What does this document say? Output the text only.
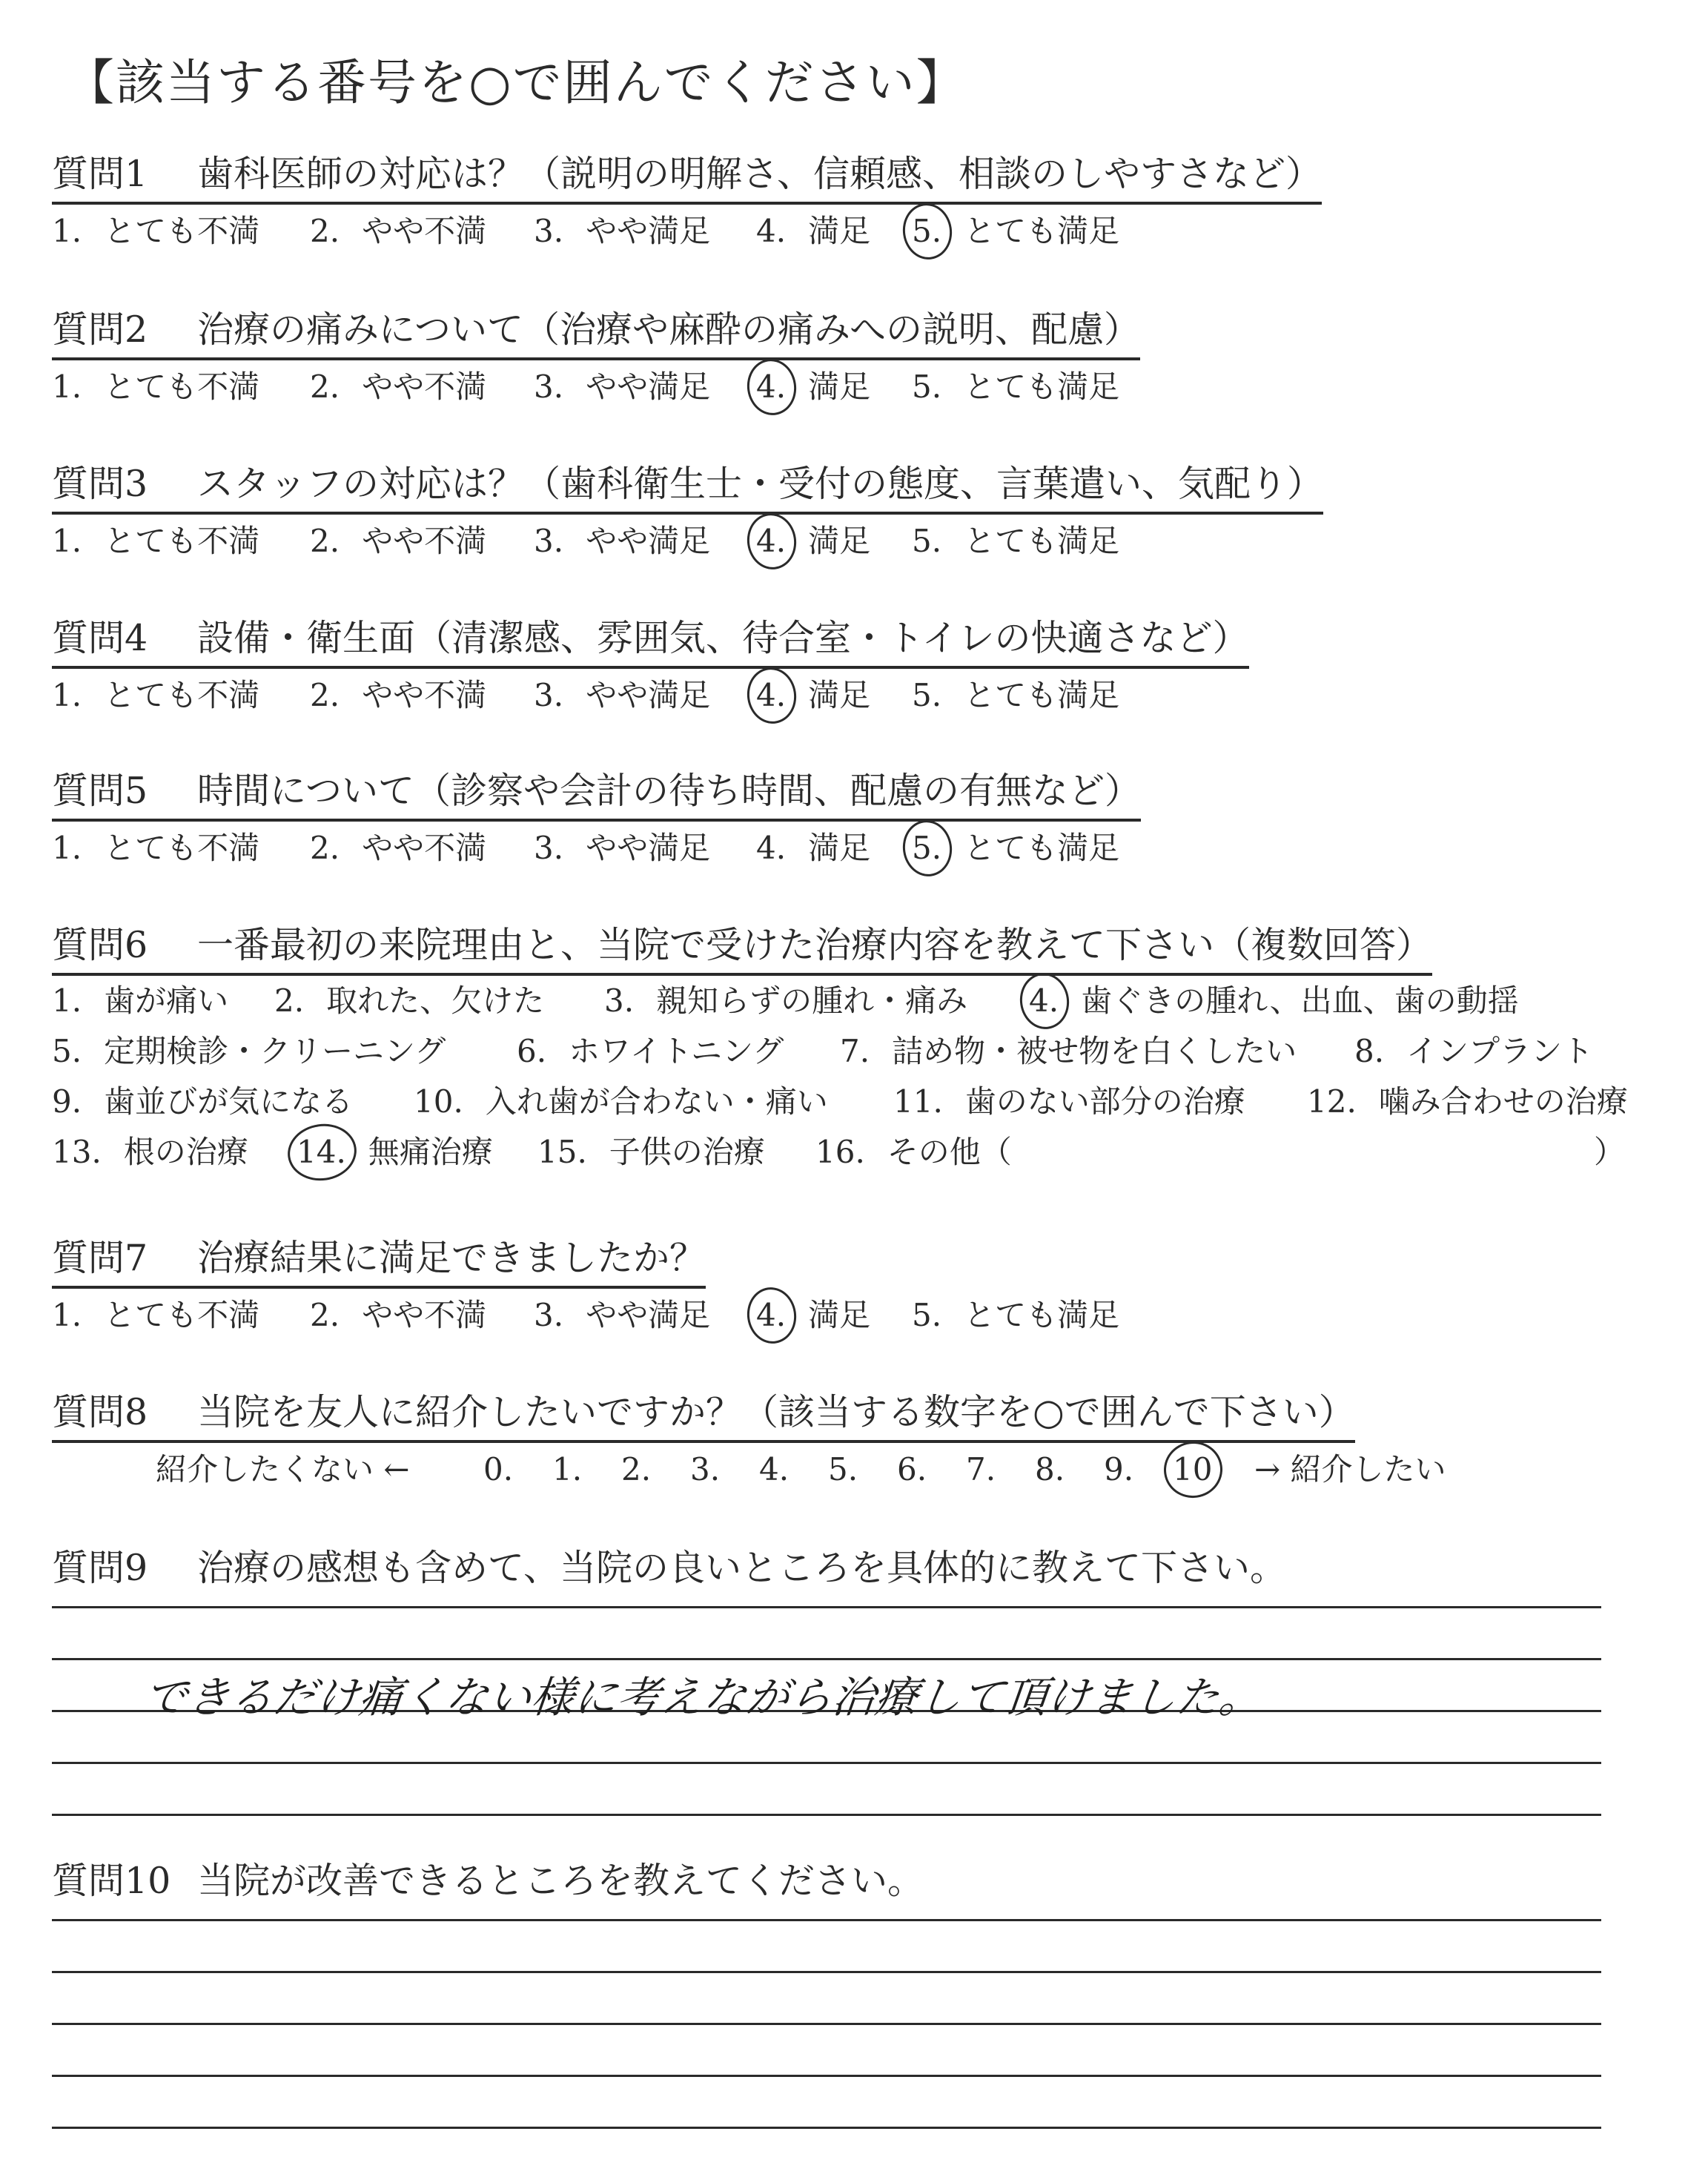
【該当する番号を○で囲んでください】
質問1 歯科医師の対応は？（説明の明解さ、信頼感、相談のしやすさなど）
1. とても不満 2. やや不満 3. やや満足 4. 満足 5. とても満足
質問2 治療の痛みについて（治療や麻酔の痛みへの説明、配慮）
1. とても不満 2. やや不満 3. やや満足 4. 満足 5. とても満足
質問3 スタッフの対応は？（歯科衛生士・受付の態度、言葉遣い、気配り）
1. とても不満 2. やや不満 3. やや満足 4. 満足 5. とても満足
質問4 設備・衛生面（清潔感、雰囲気、待合室・トイレの快適さなど）
1. とても不満 2. やや不満 3. やや満足 4. 満足 5. とても満足
質問5 時間について（診察や会計の待ち時間、配慮の有無など）
1. とても不満 2. やや不満 3. やや満足 4. 満足 5. とても満足
質問6 一番最初の来院理由と、当院で受けた治療内容を教えて下さい（複数回答）
1. 歯が痛い 2. 取れた、欠けた 3. 親知らずの腫れ・痛み 4. 歯ぐきの腫れ、出血、歯の動揺
5. 定期検診・クリーニング 6. ホワイトニング 7. 詰め物・被せ物を白くしたい 8. インプラント
9. 歯並びが気になる 10. 入れ歯が合わない・痛い 11. 歯のない部分の治療 12. 噛み合わせの治療
13. 根の治療 14. 無痛治療 15. 子供の治療 16. その他（	）
質問7 治療結果に満足できましたか？
1. とても不満 2. やや不満 3. やや満足 4. 満足 5. とても満足
質問8 当院を友人に紹介したいですか？（該当する数字を○で囲んで下さい）
紹介したくない ← 0. 1. 2. 3. 4. 5. 6. 7. 8. 9. 10 → 紹介したい
質問9 治療の感想も含めて、当院の良いところを具体的に教えて下さい。
できるだけ痛くない様に考えながら治療して頂けました。
質問10 当院が改善できるところを教えてください。
